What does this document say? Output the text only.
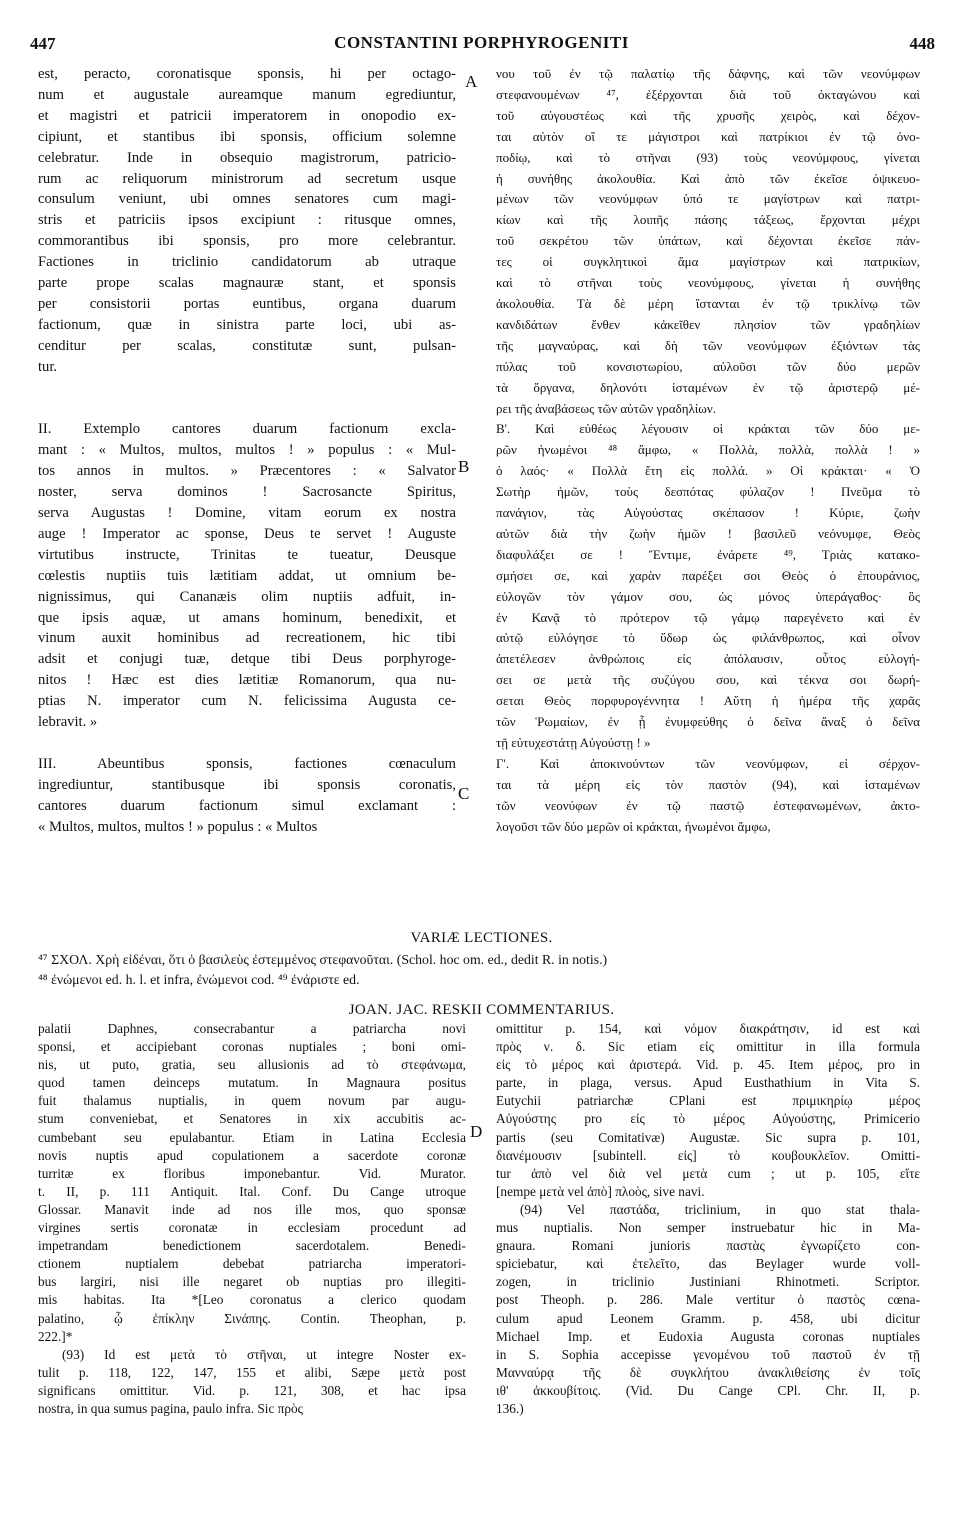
447	CONSTANTINI PORPHYROGENITI	448
A
B
C
D
est, peracto, coronatisque sponsis, hi per octago-
num et augustale aureamque manum egrediuntur,
et magistri et patricii imperatorem in onopodio ex-
cipiunt, et stantibus ibi sponsis, officium solemne
celebratur. Inde in obsequio magistrorum, patricio-
rum ac reliquorum ministrorum ad secretum usque
consulum veniunt, ubi omnes senatores cum magi-
stris et patriciis ipsos excipiunt : ritusque omnes,
commorantibus ibi sponsis, pro more celebrantur.
Factiones in triclinio candidatorum ab utraque
parte prope scalas magnauræ stant, et sponsis
per consistorii portas euntibus, organa duarum
factionum, quæ in sinistra parte loci, ubi as-
cenditur per scalas, constitutæ sunt, pulsan-
tur.

II. Extemplo cantores duarum factionum excla-
mant : « Multos, multos, multos ! » populus : « Mul-
tos annos in multos. » Præcentores : « Salvator
noster, serva dominos ! Sacrosancte Spiritus,
serva Augustas ! Domine, vitam eorum ex nostra
auge ! Imperator ac sponse, Deus te servet ! Auguste
virtutibus instructe, Trinitas te tueatur, Deusque
cœlestis nuptiis tuis lætitiam addat, ut omnium be-
nignissimus, qui Cananæis olim nuptiis adfuit, in-
que ipsis aquæ, ut amans hominum, benedixit, et
vinum auxit hominibus ad recreationem, hic tibi
adsit et conjugi tuæ, detque tibi Deus porphyroge-
nitos ! Hæc est dies lætitiæ Romanorum, qua nu-
ptias N. imperator cum N. felicissima Augusta ce-
lebravit. »

III. Abeuntibus sponsis, factiones cœnaculum
ingrediuntur, stantibusque ibi sponsis coronatis,
cantores duarum factionum simul exclamant :
« Multos, multos, multos ! » populus : « Multos
νου τοῦ ἐν τῷ παλατίῳ τῆς δάφνης, καὶ τῶν νεονύμφων
στεφανουμένων ⁴⁷, ἐξέρχονται διὰ τοῦ ὀκταγώνου καὶ
τοῦ αὐγουστέως καὶ τῆς χρυσῆς χειρὸς, καὶ δέχον-
ται αὐτὸν οἵ τε μάγιστροι καὶ πατρίκιοι ἐν τῷ ὀνο-
ποδίῳ, καὶ τὸ στῆναι (93) τοὺς νεονύμφους, γίνεται
ἡ συνήθης ἀκολουθία. Καὶ ἀπὸ τῶν ἐκεῖσε ὀψικευο-
μένων τῶν νεονύμφων ὑπό τε μαγίστρων καὶ πατρι-
κίων καὶ τῆς λοιπῆς πάσης τάξεως, ἔρχονται μέχρι
τοῦ σεκρέτου τῶν ὑπάτων, καὶ δέχονται ἐκεῖσε πάν-
τες οἱ συγκλητικοὶ ἅμα μαγίστρων καὶ πατρικίων,
καὶ τὸ στῆναι τοὺς νεονύμφους, γίνεται ἡ συνήθης
ἀκολουθία. Τὰ δὲ μέρη ἵστανται ἐν τῷ τρικλίνῳ τῶν
κανδιδάτων ἔνθεν κἀκεῖθεν πλησίον τῶν γραδηλίων
τῆς μαγναύρας, καὶ δὴ τῶν νεονύμφων ἐξιόντων τὰς
πύλας τοῦ κονσιστωρίου, αὐλοῦσι τῶν δύο μερῶν
τὰ ὄργανα, δηλονότι ἱσταμένων ἐν τῷ ἀριστερῷ μέ-
ρει τῆς ἀναβάσεως τῶν αὐτῶν γραδηλίων.
Β'. Καὶ εὐθέως λέγουσιν οἱ κράκται τῶν δύο με-
ρῶν ἡνωμένοι ⁴⁸ ἄμφω, « Πολλὰ, πολλὰ, πολλὰ ! »
ὁ λαός· « Πολλὰ ἔτη εἰς πολλά. » Οἱ κράκται· « Ὁ
Σωτὴρ ἡμῶν, τοὺς δεσπότας φύλαζον ! Πνεῦμα τὸ
πανάγιον, τὰς Αὐγούστας σκέπασον ! Κύριε, ζωὴν
αὐτῶν διὰ τὴν ζωὴν ἡμῶν ! βασιλεῦ νεόνυμφε, Θεὸς
διαφυλάξει σε ! Ἔντιμε, ἐνάρετε ⁴⁹, Τριὰς κατακο-
σμήσει σε, καὶ χαρὰν παρέξει σοι Θεὸς ὁ ἐπουράνιος,
εὐλογῶν τὸν γάμον σου, ὡς μόνος ὑπεράγαθος· ὃς
ἐν Κανᾷ τὸ πρότερον τῷ γάμῳ παρεγένετο καὶ ἐν
αὐτῷ εὐλόγησε τὸ ὕδωρ ὡς φιλάνθρωπος, καὶ οἶνον
ἀπετέλεσεν ἀνθρώποις εἰς ἀπόλαυσιν, οὗτος εὐλογή-
σει σε μετὰ τῆς συζύγου σου, καὶ τέκνα σοι δωρή-
σεται Θεὸς πορφυρογέννητα ! Αὕτη ἡ ἡμέρα τῆς χαρᾶς
τῶν Ῥωμαίων, ἐν ᾗ ἐνυμφεύθης ὁ δεῖνα ἄναξ ὁ δεῖνα
τῇ εὐτυχεστάτῃ Αὐγούστῃ ! »
Γ'. Καὶ ἀποκινούντων τῶν νεονύμφων, εἰ σέρχον-
ται τὰ μέρη εἰς τὸν παστὸν (94), καὶ ἱσταμένων
τῶν νεονύφων ἐν τῷ παστῷ ἐστεφανωμένων, ἀκτο-
λογοῦσι τῶν δύο μερῶν οἱ κράκται, ἡνωμένοι ἄμφω,
VARIÆ LECTIONES.
⁴⁷ ΣΧΟΛ. Χρὴ εἰδέναι, ὅτι ὁ βασιλεὺς ἐστεμμένος στεφανοῦται. (Schol. hoc om. ed., dedit R. in notis.)
⁴⁸ ἐνώμενοι ed. h. l. et infra, ἐνώμενοι cod. ⁴⁹ ἐνάριστε ed.
JOAN. JAC. RESKII COMMENTARIUS.
palatii Daphnes, consecrabantur a patriarcha novi
sponsi, et accipiebant coronas nuptiales ; boni omi-
nis, ut puto, gratia, seu allusionis ad τὸ στεφάνωμα,
quod tamen deinceps mutatum. In Magnaura positus
fuit thalamus nuptialis, in quem novum par augu-
stum conveniebat, et Senatores in xix accubitis ac-
cumbebant seu epulabantur. Etiam in Latina Ecclesia
novis nuptis apud copulationem a sacerdote coronæ
turritæ ex floribus imponebantur. Vid. Murator.
t. II, p. 111 Antiquit. Ital. Conf. Du Cange utroque
Glossar. Manavit inde ad nos ille mos, quo sponsæ
virgines sertis coronatæ in ecclesiam procedunt ad
impetrandam benedictionem sacerdotalem. Benedi-
ctionem nuptialem debebat patriarcha imperatori-
bus largiri, nisi ille negaret ob nuptias pro illegiti-
mis habitas. Ita *[Leo coronatus a clerico quodam
palatino, ᾧ ἐπίκλην Σινάπης. Contin. Theophan, p.
222.]*
(93) Id est μετὰ τὸ στῆναι, ut integre Noster ex-
tulit p. 118, 122, 147, 155 et alibi, Sæpe μετὰ post
significans omittitur. Vid. p. 121, 308, et hac ipsa
nostra, in qua sumus pagina, paulo infra. Sic πρὸς
omittitur p. 154, καὶ νόμον διακράτησιν, id est καὶ
πρὸς ν. δ. Sic etiam εἰς omittitur in illa formula
εἰς τὸ μέρος καὶ ἀριστερά. Vid. p. 45. Item μέρος, pro in
parte, in plaga, versus. Apud Eusthathium in Vita S.
Eutychii patriarchæ CPlani est πριμικηρίῳ μέρος
Αὐγούστης pro εἰς τὸ μέρος Αὐγούστης, Primicerio
partis (seu Comitativæ) Augustæ. Sic supra p. 101,
διανέμουσιν [subintell. εἰς] τὸ κουβουκλεῖον. Omitti-
tur ἀπὸ vel διὰ vel μετὰ cum ; ut p. 105, εἴτε
[nempe μετὰ vel ἀπὸ] πλοὸς, sive navi.
(94) Vel παστάδα, triclinium, in quo stat thala-
mus nuptialis. Non semper instruebatur hic in Ma-
gnaura. Romani junioris παστὰς ἐγνωρίζετο con-
spiciebatur, καὶ ἐτελεῖτο, das Beylager wurde voll-
zogen, in triclinio Justiniani Rhinotmeti. Scriptor.
post Theoph. p. 286. Male vertitur ὁ παστὸς cœna-
culum apud Leonem Gramm. p. 458, ubi dicitur
Michael Imp. et Eudoxia Augusta coronas nuptiales
in S. Sophia accepisse γενομένου τοῦ παστοῦ ἐν τῇ
Μανναύρᾳ τῆς δὲ συγκλήτου ἀνακλιθείσης ἐν τοῖς
ιθ' ἀκκουβίτοις. (Vid. Du Cange CPl. Chr. II, p.
136.)
